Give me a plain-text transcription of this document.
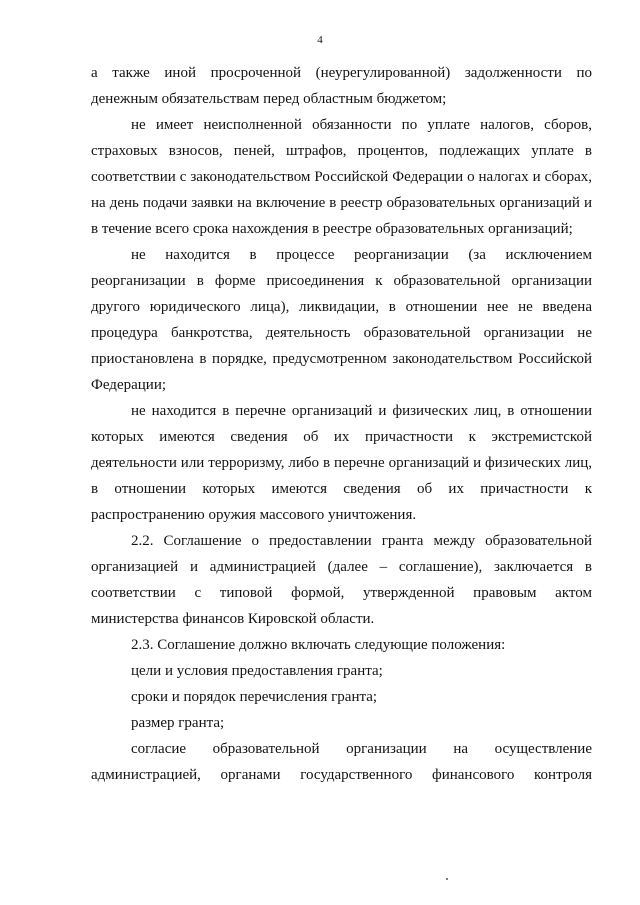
4

а также иной просроченной (неурегулированной) задолженности по денежным обязательствам перед областным бюджетом;

не имеет неисполненной обязанности по уплате налогов, сборов, страховых взносов, пеней, штрафов, процентов, подлежащих уплате в соответствии с законодательством Российской Федерации о налогах и сборах, на день подачи заявки на включение в реестр образовательных организаций и в течение всего срока нахождения в реестре образовательных организаций;

не находится в процессе реорганизации (за исключением реорганизации в форме присоединения к образовательной организации другого юридического лица), ликвидации, в отношении нее не введена процедура банкротства, деятельность образовательной организации не приостановлена в порядке, предусмотренном законодательством Российской Федерации;

не находится в перечне организаций и физических лиц, в отношении которых имеются сведения об их причастности к экстремистской деятельности или терроризму, либо в перечне организаций и физических лиц, в отношении которых имеются сведения об их причастности к распространению оружия массового уничтожения.

2.2. Соглашение о предоставлении гранта между образовательной организацией и администрацией (далее – соглашение), заключается в соответствии с типовой формой, утвержденной правовым актом министерства финансов Кировской области.

2.3. Соглашение должно включать следующие положения:

цели и условия предоставления гранта;

сроки и порядок перечисления гранта;

размер гранта;

согласие образовательной организации на осуществление администрацией, органами государственного финансового контроля
